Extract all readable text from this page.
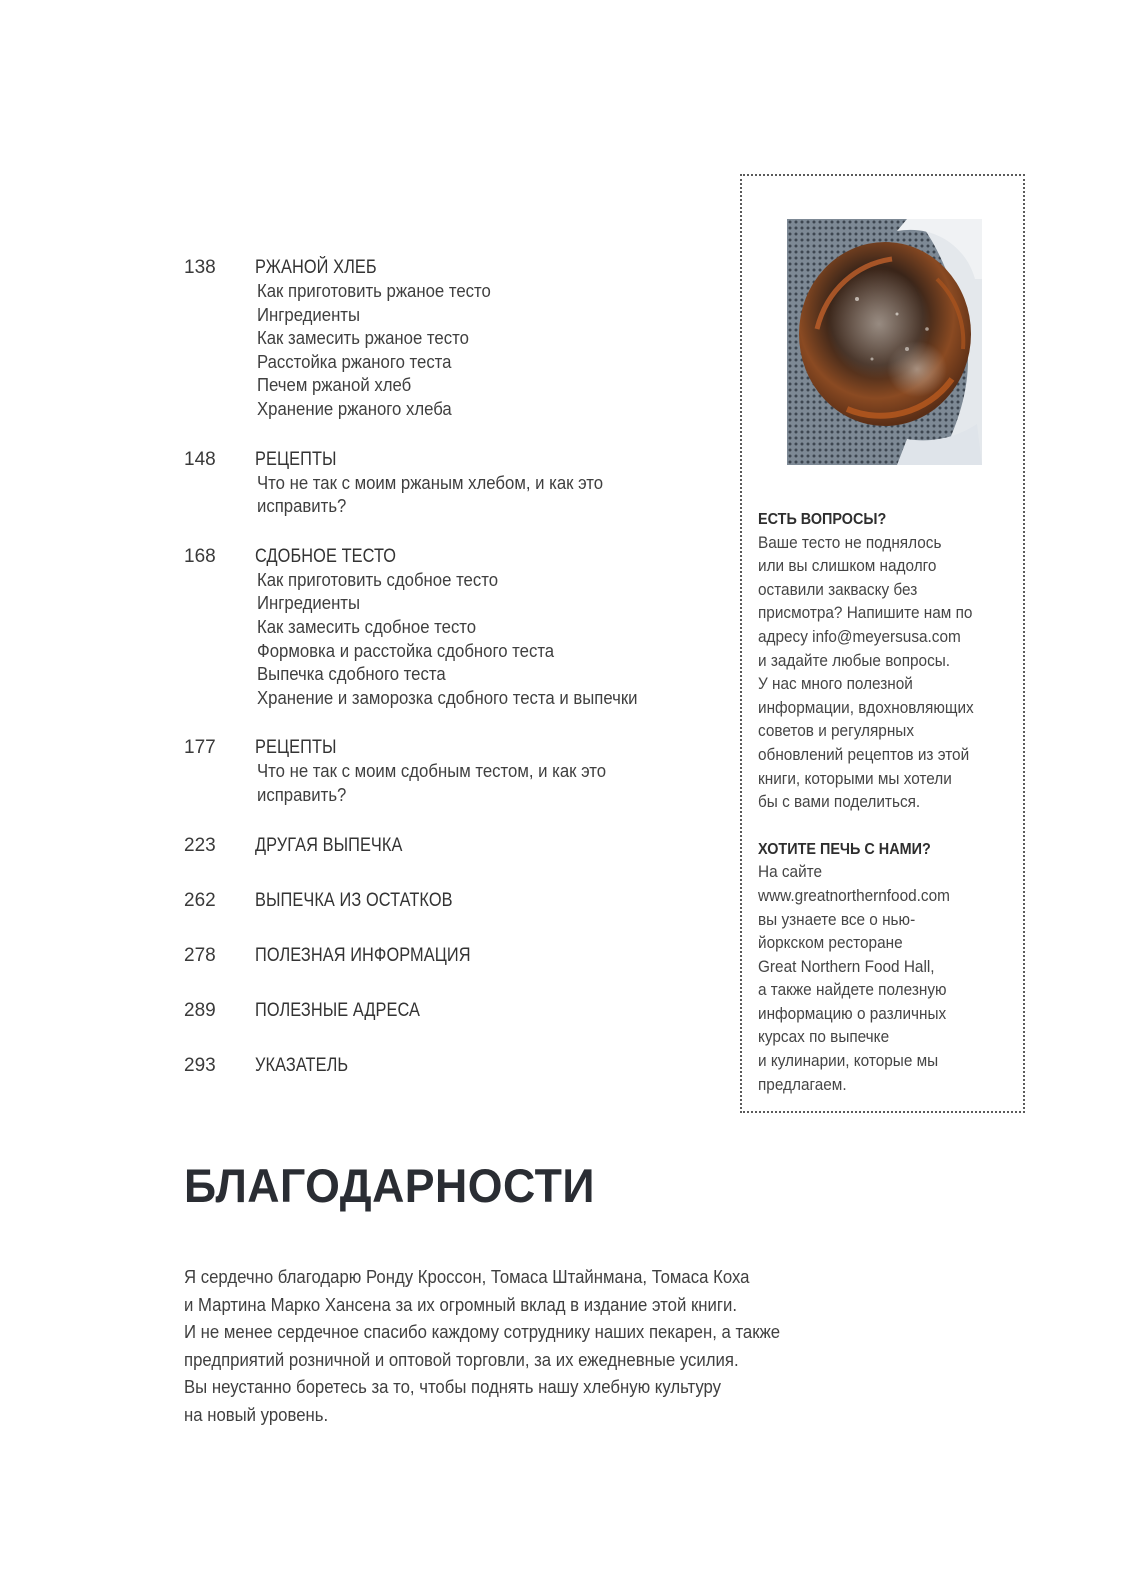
138	РЖАНОЙ ХЛЕБ
Как приготовить ржаное тесто
Ингредиенты
Как замесить ржаное тесто
Расстойка ржаного теста
Печем ржаной хлеб
Хранение ржаного хлеба
148	РЕЦЕПТЫ
Что не так с моим ржаным хлебом, и как это исправить?
168	СДОБНОЕ ТЕСТО
Как приготовить сдобное тесто
Ингредиенты
Как замесить сдобное тесто
Формовка и расстойка сдобного теста
Выпечка сдобного теста
Хранение и заморозка сдобного теста и выпечки
177	РЕЦЕПТЫ
Что не так с моим сдобным тестом, и как это исправить?
223	ДРУГАЯ ВЫПЕЧКА
262	ВЫПЕЧКА ИЗ ОСТАТКОВ
278	ПОЛЕЗНАЯ ИНФОРМАЦИЯ
289	ПОЛЕЗНЫЕ АДРЕСА
293	УКАЗАТЕЛЬ
ЕСТЬ ВОПРОСЫ?
Ваше тесто не поднялось
или вы слишком надолго
оставили закваску без
присмотра? Напишите нам по
адресу info@meyersusa.com
и задайте любые вопросы.
У нас много полезной
информации, вдохновляющих
советов и регулярных
обновлений рецептов из этой
книги, которыми мы хотели
бы с вами поделиться.
ХОТИТЕ ПЕЧЬ С НАМИ?
На сайте
www.greatnorthernfood.com
вы узнаете все о нью-
йоркском ресторане
Great Northern Food Hall,
а также найдете полезную
информацию о различных
курсах по выпечке
и кулинарии, которые мы
предлагаем.
БЛАГОДАРНОСТИ
Я сердечно благодарю Ронду Кроссон, Томаса Штайнмана, Томаса Коха
и Мартина Марко Хансена за их огромный вклад в издание этой книги.
И не менее сердечное спасибо каждому сотруднику наших пекарен, а также
предприятий розничной и оптовой торговли, за их ежедневные усилия.
Вы неустанно боретесь за то, чтобы поднять нашу хлебную культуру
на новый уровень.
